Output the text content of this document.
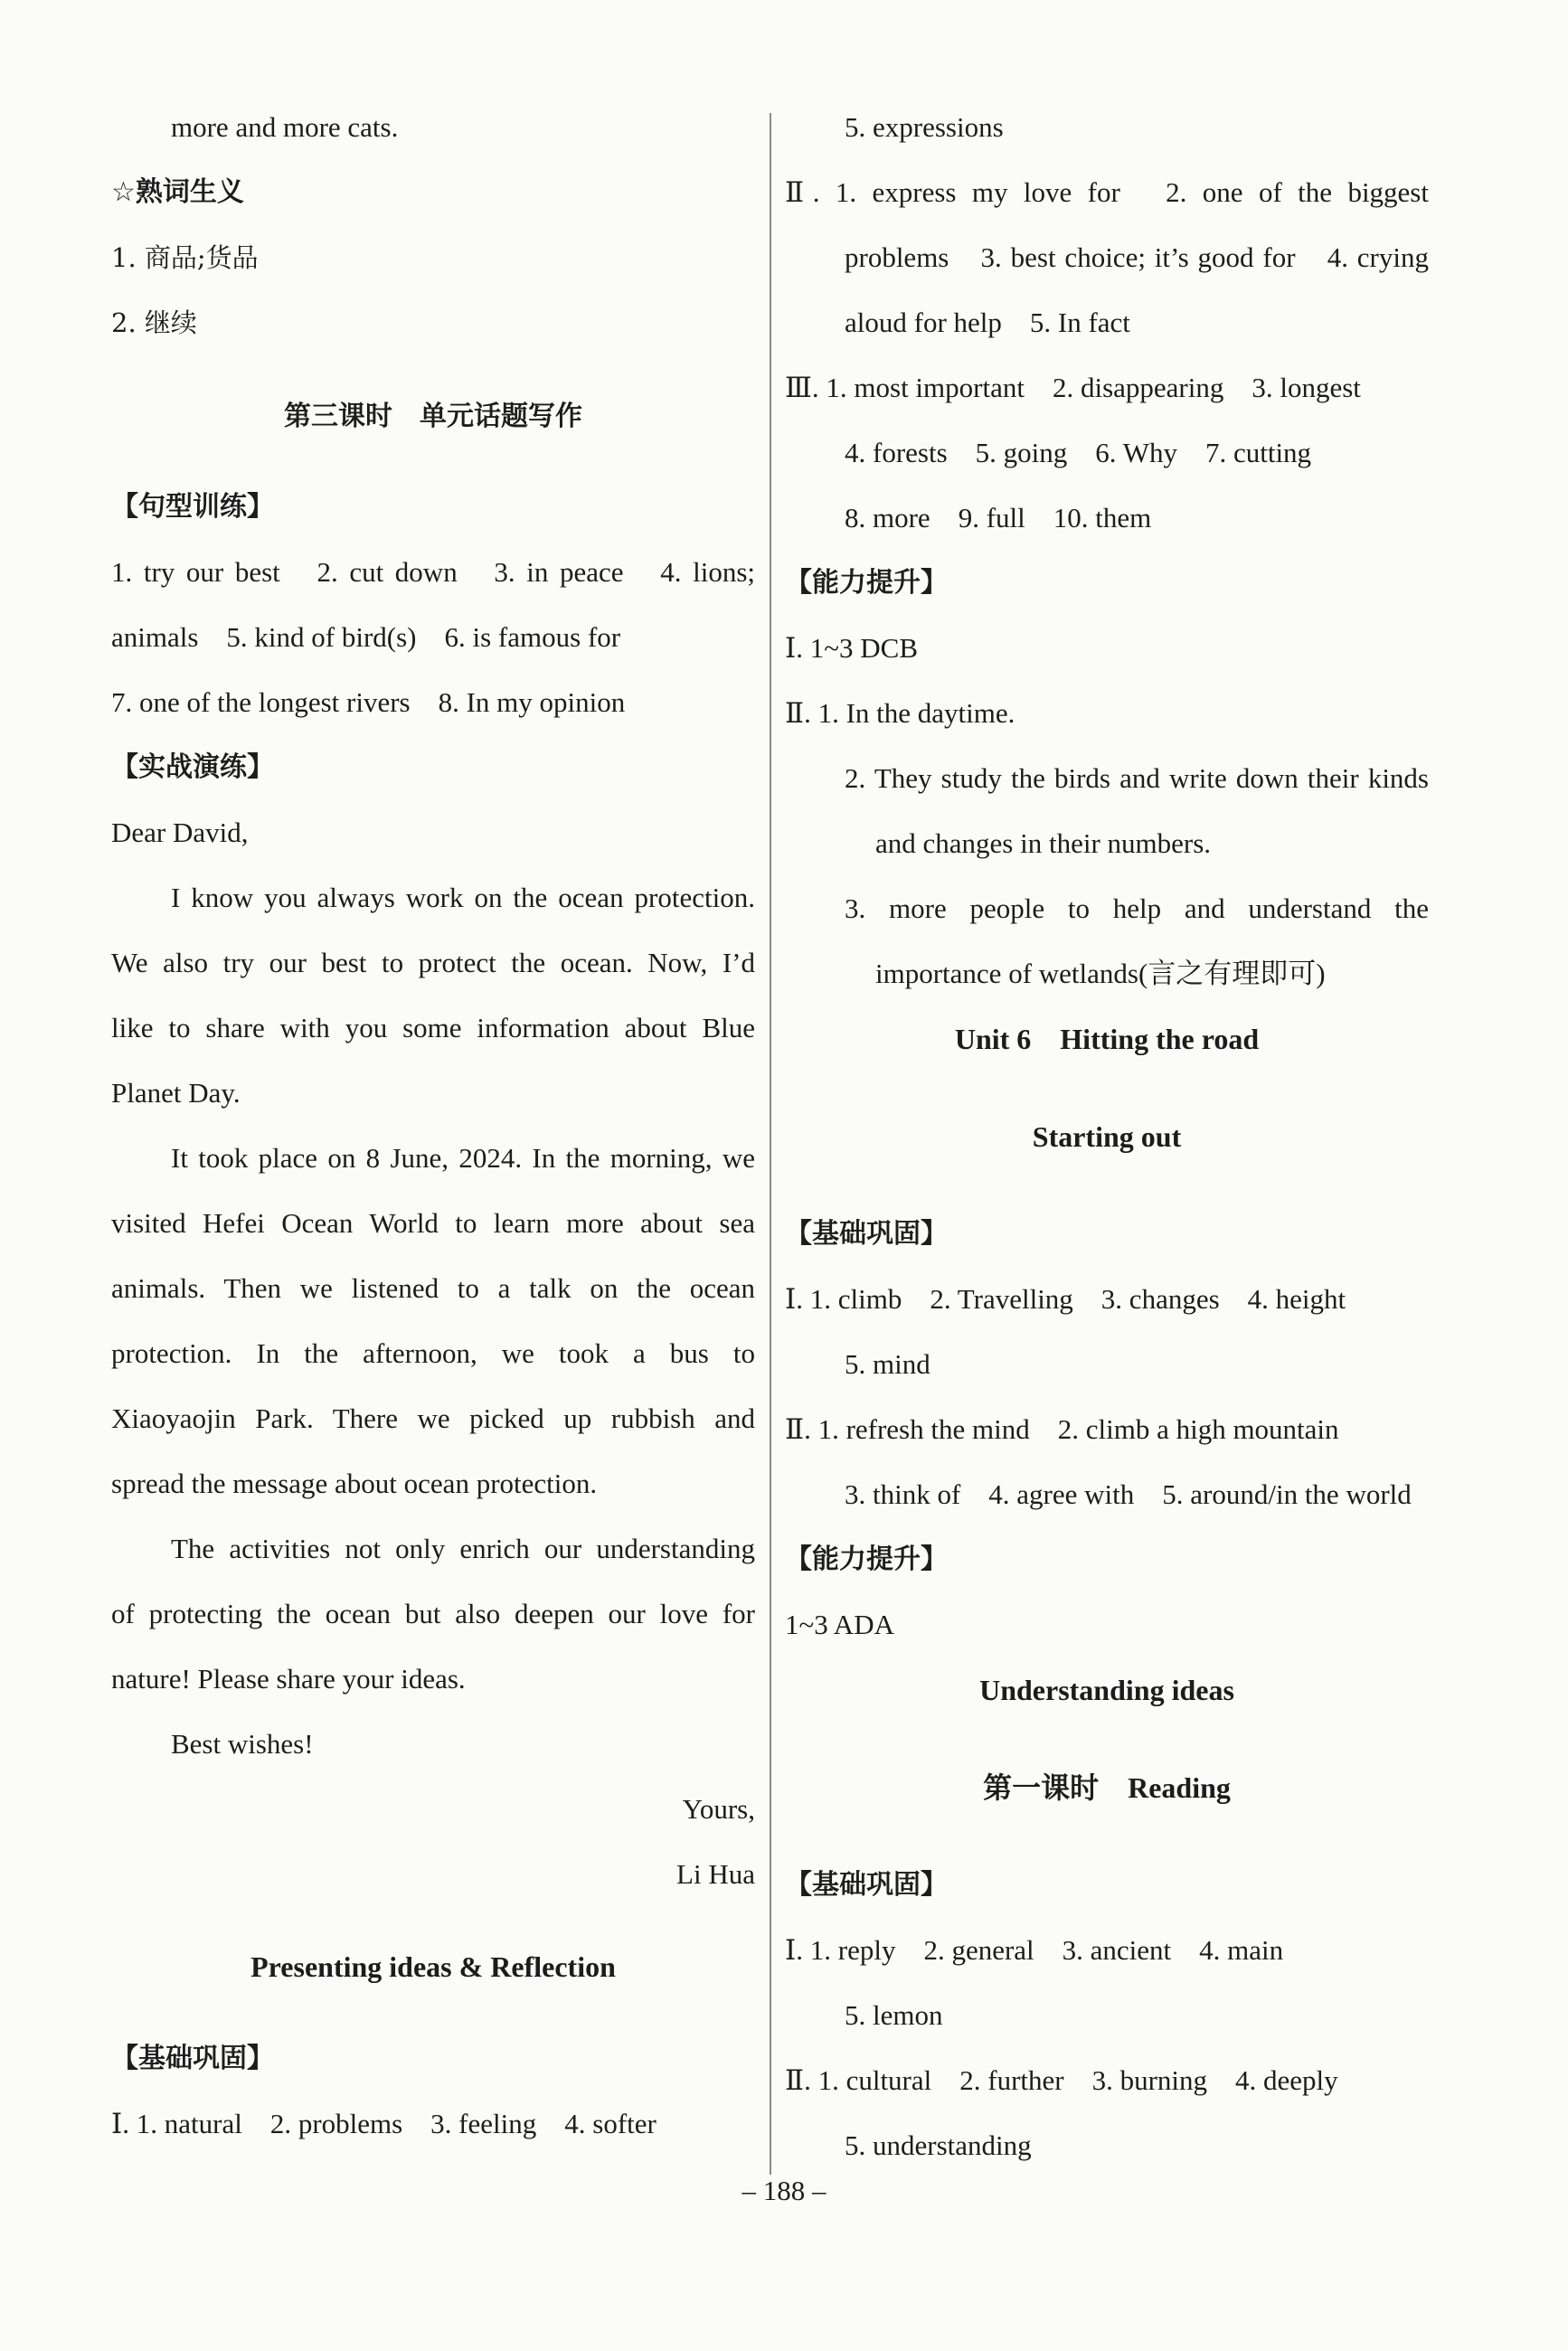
more and more cats.
☆熟词生义
1. 商品;货品
2. 继续
第三课时　单元话题写作
【句型训练】
1. try our best　2. cut down　3. in peace　4. lions;
animals　5. kind of bird(s)　6. is famous for
7. one of the longest rivers　8. In my opinion
【实战演练】
Dear David,
I know you always work on the ocean protection.
We also try our best to protect the ocean. Now, I’d
like to share with you some information about Blue
Planet Day.
It took place on 8 June, 2024. In the morning, we
visited Hefei Ocean World to learn more about sea
animals. Then we listened to a talk on the ocean
protection. In the afternoon, we took a bus to
Xiaoyaojin Park. There we picked up rubbish and
spread the message about ocean protection.
The activities not only enrich our understanding
of protecting the ocean but also deepen our love for
nature! Please share your ideas.
Best wishes!
Yours,
Li Hua
Presenting ideas & Reflection
【基础巩固】
Ⅰ. 1. natural　2. problems　3. feeling　4. softer
5. expressions
Ⅱ. 1. express my love for　2. one of the biggest
problems　3. best choice; it’s good for　4. crying
aloud for help　5. In fact
Ⅲ. 1. most important　2. disappearing　3. longest
4. forests　5. going　6. Why　7. cutting
8. more　9. full　10. them
【能力提升】
Ⅰ. 1~3 DCB
Ⅱ. 1. In the daytime.
2. They study the birds and write down their kinds
and changes in their numbers.
3. more people to help and understand the
importance of wetlands(言之有理即可)
Unit 6　Hitting the road
Starting out
【基础巩固】
Ⅰ. 1. climb　2. Travelling　3. changes　4. height
5. mind
Ⅱ. 1. refresh the mind　2. climb a high mountain
3. think of　4. agree with　5. around/in the world
【能力提升】
1~3 ADA
Understanding ideas
第一课时　Reading
【基础巩固】
Ⅰ. 1. reply　2. general　3. ancient　4. main
5. lemon
Ⅱ. 1. cultural　2. further　3. burning　4. deeply
5. understanding
– 188 –
